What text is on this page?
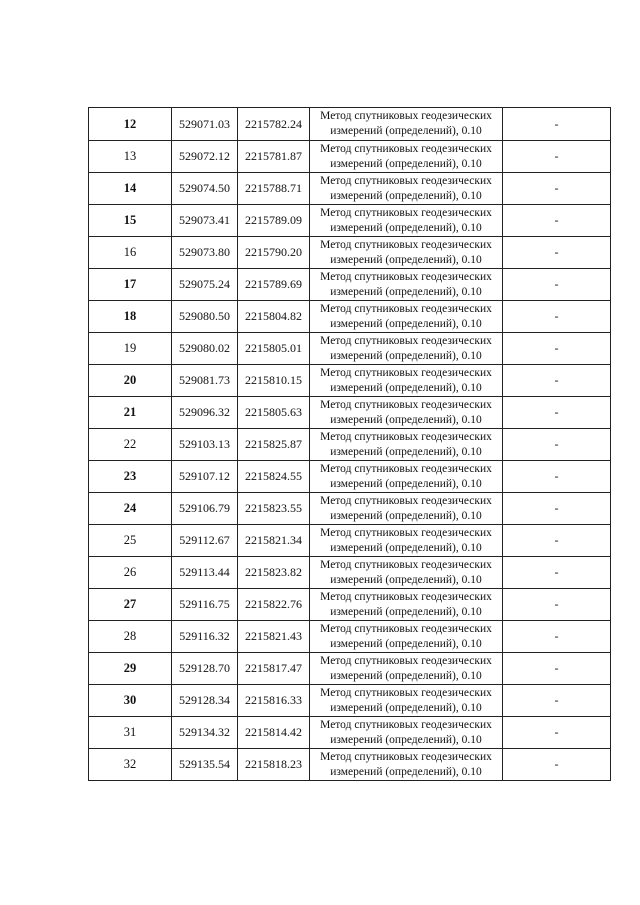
12	529071.03	2215782.24	Метод спутниковых геодезических измерений (определений), 0.10	-
13	529072.12	2215781.87	Метод спутниковых геодезических измерений (определений), 0.10	-
14	529074.50	2215788.71	Метод спутниковых геодезических измерений (определений), 0.10	-
15	529073.41	2215789.09	Метод спутниковых геодезических измерений (определений), 0.10	-
16	529073.80	2215790.20	Метод спутниковых геодезических измерений (определений), 0.10	-
17	529075.24	2215789.69	Метод спутниковых геодезических измерений (определений), 0.10	-
18	529080.50	2215804.82	Метод спутниковых геодезических измерений (определений), 0.10	-
19	529080.02	2215805.01	Метод спутниковых геодезических измерений (определений), 0.10	-
20	529081.73	2215810.15	Метод спутниковых геодезических измерений (определений), 0.10	-
21	529096.32	2215805.63	Метод спутниковых геодезических измерений (определений), 0.10	-
22	529103.13	2215825.87	Метод спутниковых геодезических измерений (определений), 0.10	-
23	529107.12	2215824.55	Метод спутниковых геодезических измерений (определений), 0.10	-
24	529106.79	2215823.55	Метод спутниковых геодезических измерений (определений), 0.10	-
25	529112.67	2215821.34	Метод спутниковых геодезических измерений (определений), 0.10	-
26	529113.44	2215823.82	Метод спутниковых геодезических измерений (определений), 0.10	-
27	529116.75	2215822.76	Метод спутниковых геодезических измерений (определений), 0.10	-
28	529116.32	2215821.43	Метод спутниковых геодезических измерений (определений), 0.10	-
29	529128.70	2215817.47	Метод спутниковых геодезических измерений (определений), 0.10	-
30	529128.34	2215816.33	Метод спутниковых геодезических измерений (определений), 0.10	-
31	529134.32	2215814.42	Метод спутниковых геодезических измерений (определений), 0.10	-
32	529135.54	2215818.23	Метод спутниковых геодезических измерений (определений), 0.10	-
